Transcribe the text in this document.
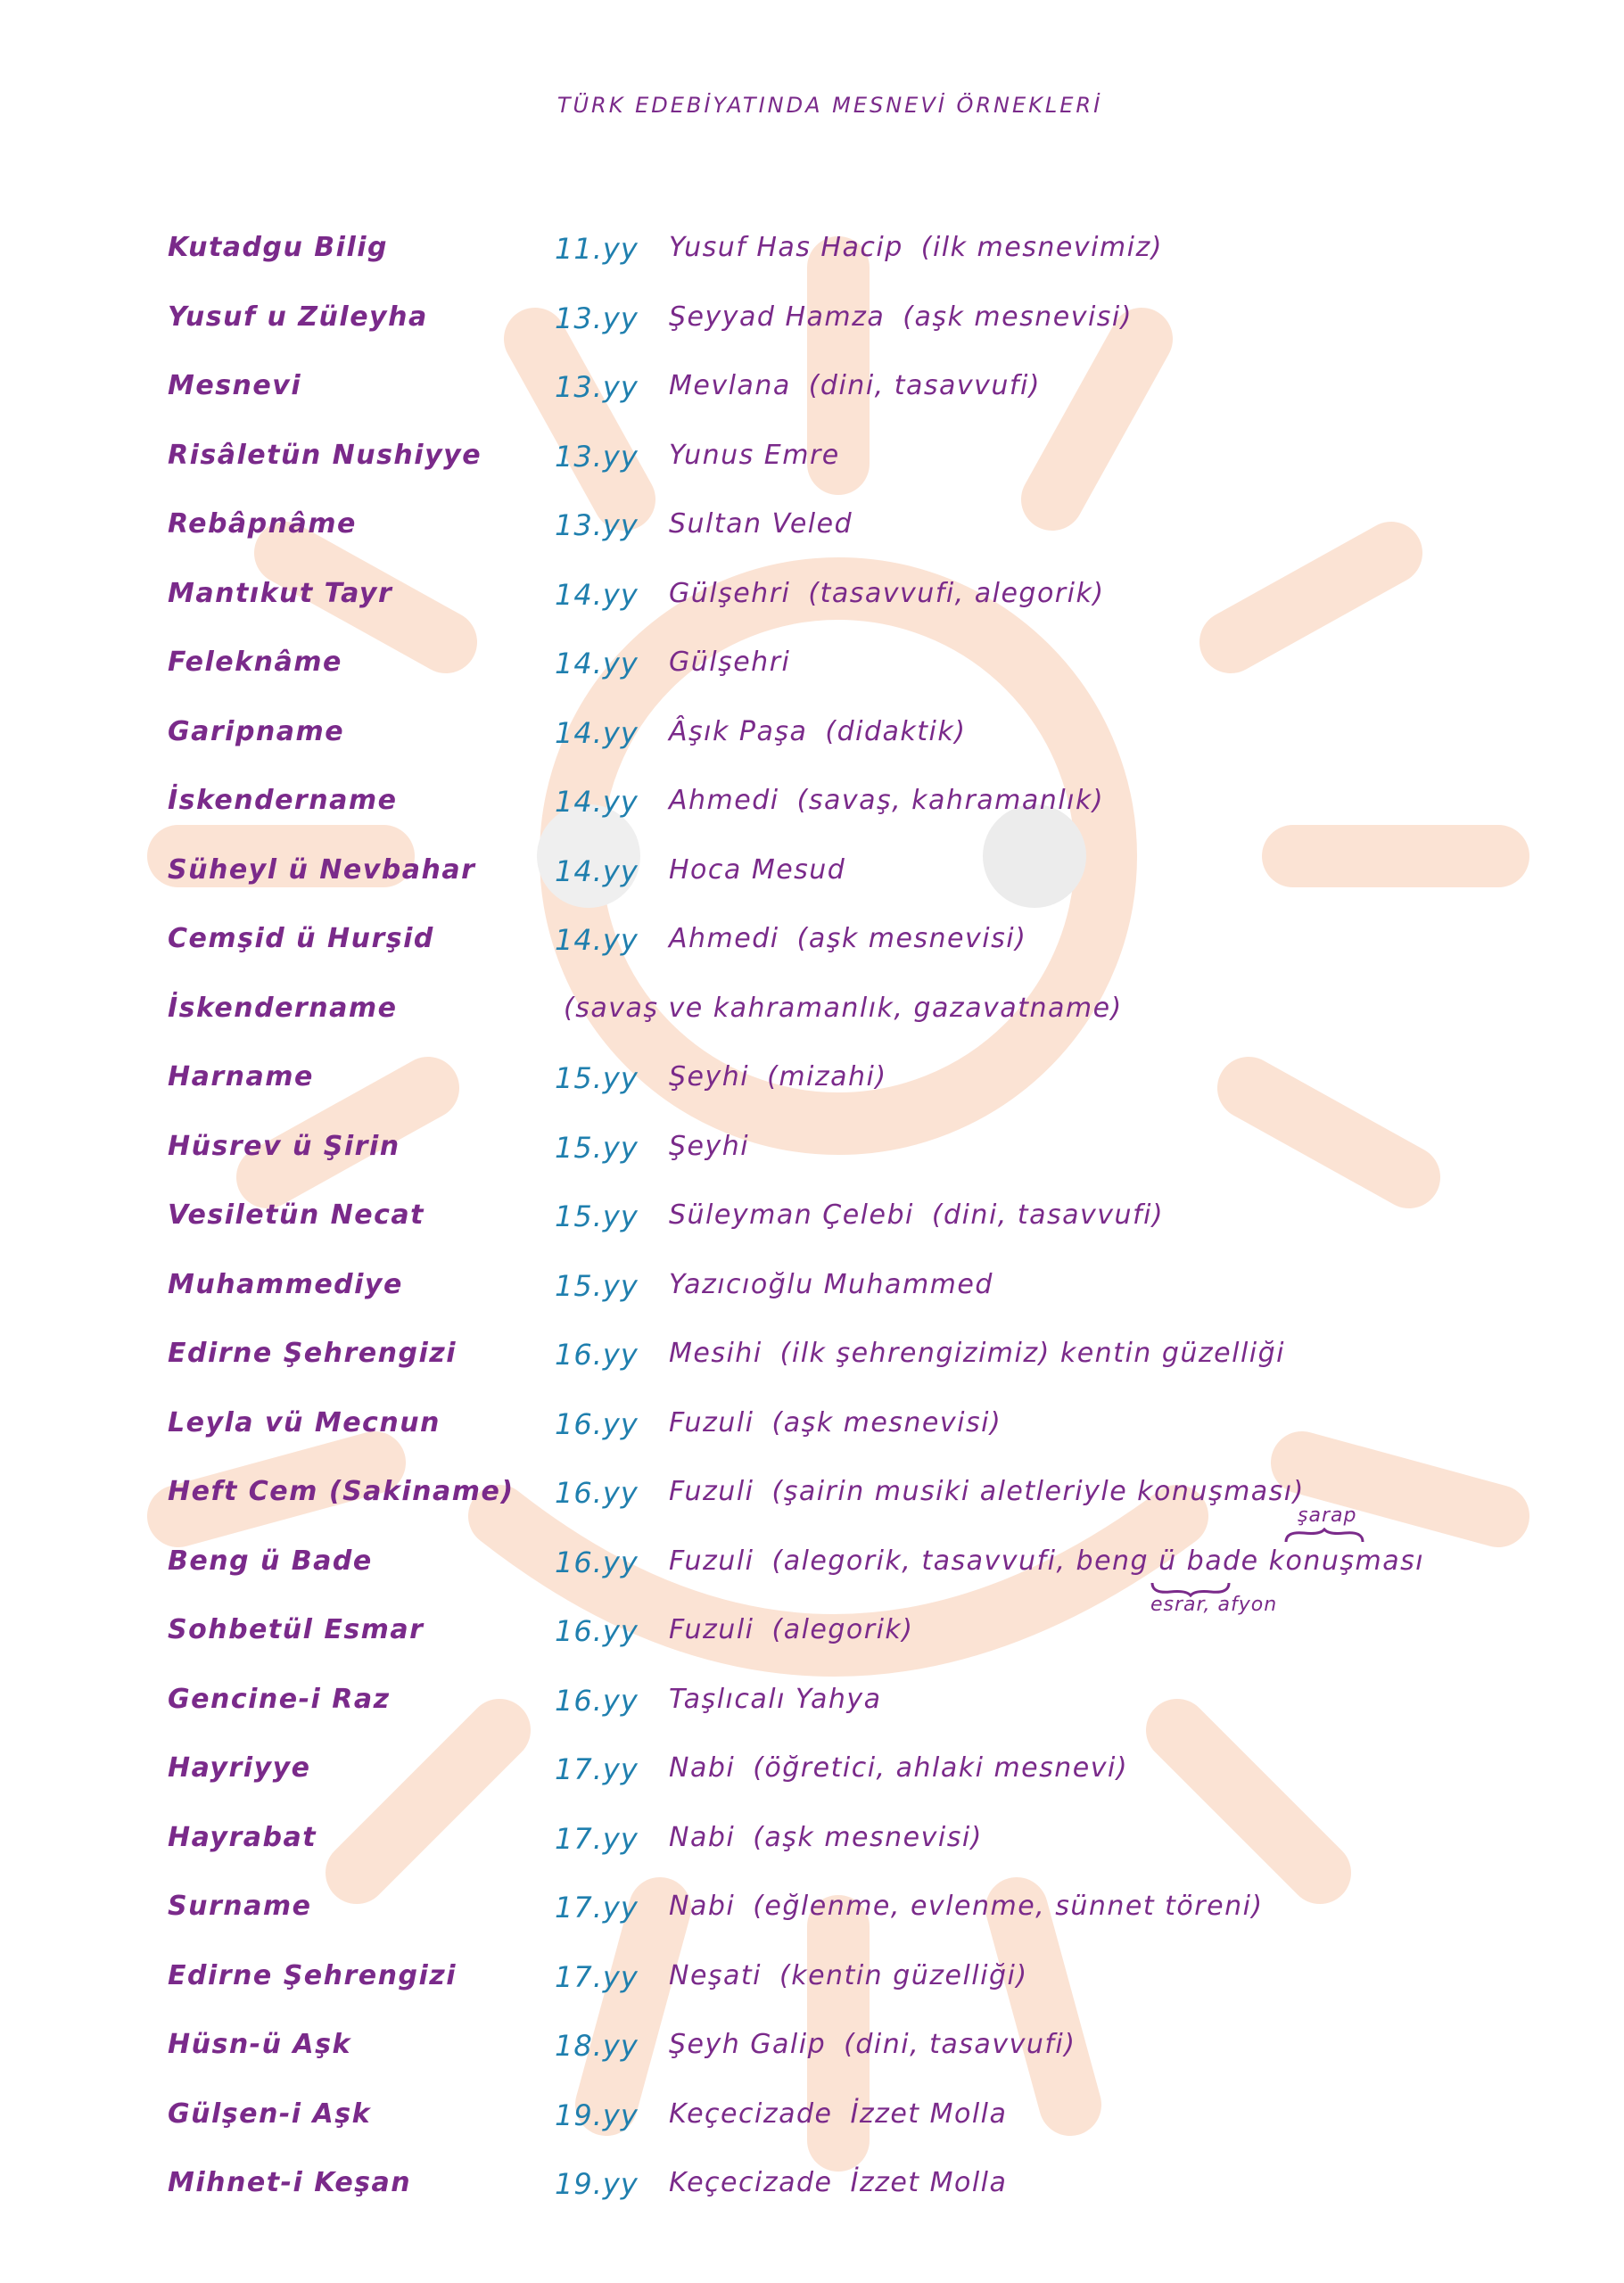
TÜRK EDEBİYATINDA MESNEVİ ÖRNEKLERİ
Kutadgu Bilig	11.yy Yusuf Has Hacip (ilk mesnevimiz)
Yusuf u Züleyha	13.yy Şeyyad Hamza (aşk mesnevisi)
Mesnevi	13.yy Mevlana (dini, tasavvufi)
Risâletün Nushiyye	13.yy Yunus Emre
Rebâpnâme	13.yy Sultan Veled
Mantıkut Tayr	14.yy Gülşehri (tasavvufi, alegorik)
Feleknâme	14.yy Gülşehri
Garipname	14.yy Âşık Paşa (didaktik)
İskendername	14.yy Ahmedi (savaş, kahramanlık)
Süheyl ü Nevbahar	14.yy Hoca Mesud
Cemşid ü Hurşid	14.yy Ahmedi (aşk mesnevisi)
İskendername	(savaş ve kahramanlık, gazavatname)
Harname	15.yy Şeyhi (mizahi)
Hüsrev ü Şirin	15.yy Şeyhi
Vesiletün Necat	15.yy Süleyman Çelebi (dini, tasavvufi)
Muhammediye	15.yy Yazıcıoğlu Muhammed
Edirne Şehrengizi	16.yy Mesihi (ilk şehrengizimiz) kentin güzelliği
Leyla vü Mecnun	16.yy Fuzuli (aşk mesnevisi)
Heft Cem (Sakiname) 16.yy Fuzuli (şairin musiki aletleriyle konuşması)
Beng ü Bade	16.yy Fuzuli (alegorik, tasavvufi, beng ü bade konuşması
Sohbetül Esmar	16.yy Fuzuli (alegorik)
Gencine-i Raz	16.yy Taşlıcalı Yahya
Hayriyye	17.yy Nabi (öğretici, ahlaki mesnevi)
Hayrabat	17.yy Nabi (aşk mesnevisi)
Surname	17.yy Nabi (eğlenme, evlenme, sünnet töreni)
Edirne Şehrengizi	17.yy Neşati (kentin güzelliği)
Hüsn-ü Aşk	18.yy Şeyh Galip (dini, tasavvufi)
Gülşen-i Aşk	19.yy Keçecizade İzzet Molla
Mihnet-i Keşan	19.yy Keçecizade İzzet Molla
şarap
esrar, afyon
